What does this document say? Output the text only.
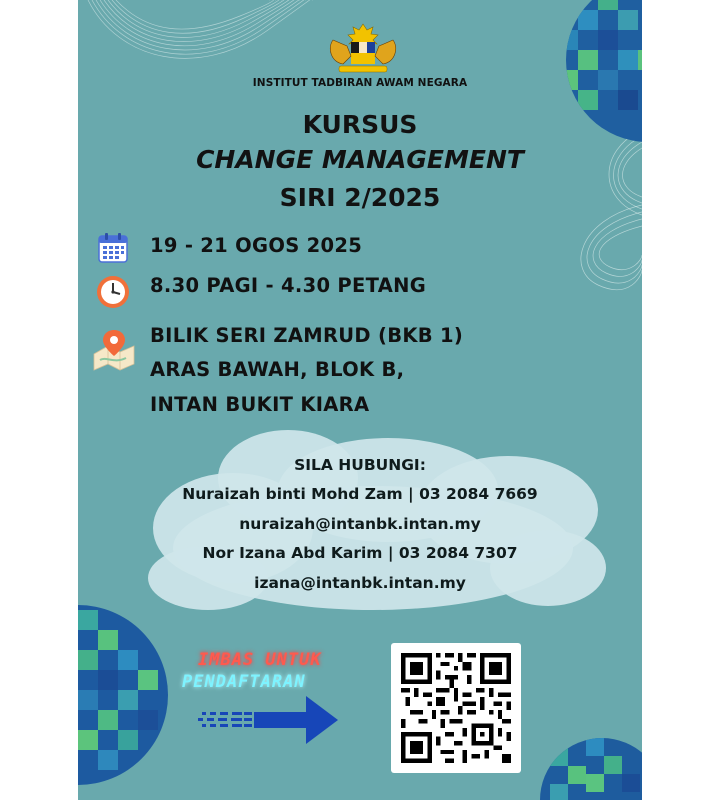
INSTITUT TADBIRAN AWAM NEGARA
KURSUS
CHANGE MANAGEMENT
SIRI 2/2025
19 - 21 OGOS 2025
8.30 PAGI - 4.30 PETANG
BILIK SERI ZAMRUD (BKB 1)
ARAS BAWAH, BLOK B,
INTAN BUKIT KIARA
SILA HUBUNGI:
Nuraizah binti Mohd Zam | 03 2084 7669
nuraizah@intanbk.intan.my
Nor Izana Abd Karim | 03 2084 7307
izana@intanbk.intan.my
IMBAS UNTUK
PENDAFTARAN
